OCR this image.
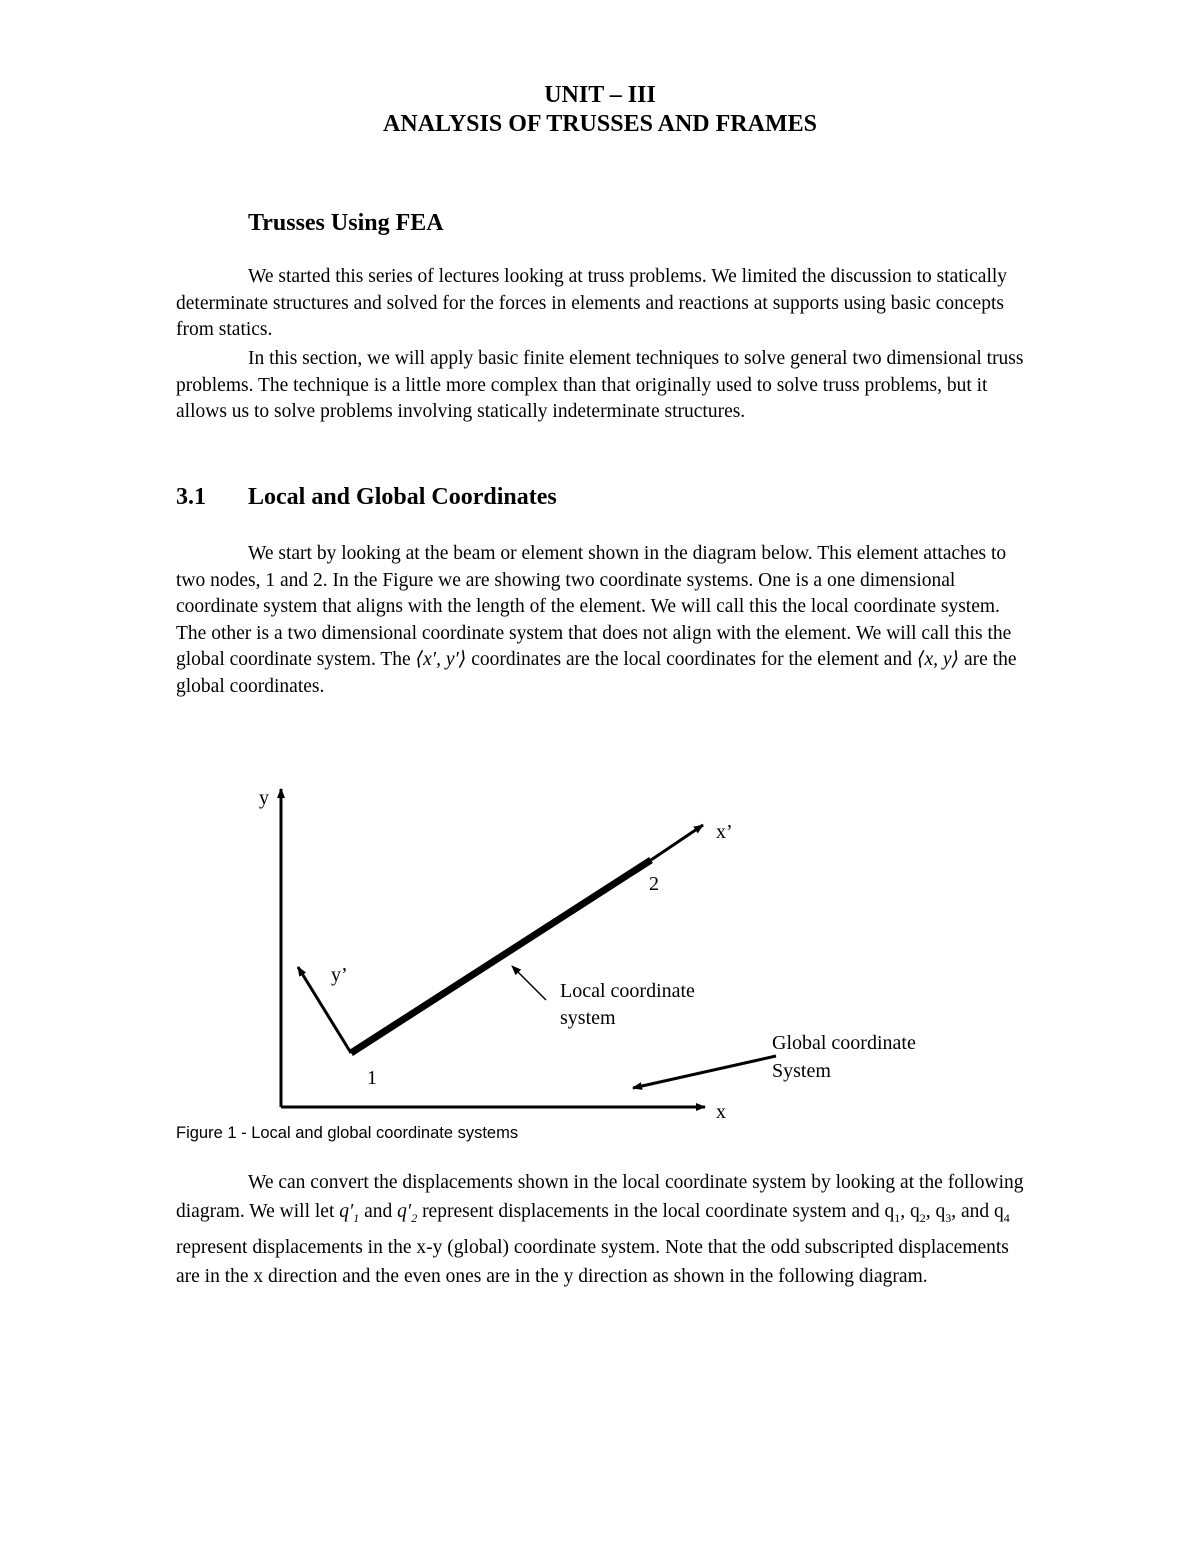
UNIT – III
ANALYSIS OF TRUSSES AND FRAMES
Trusses Using FEA

We started this series of lectures looking at truss problems. We limited the discussion to statically determinate structures and solved for the forces in elements and reactions at supports using basic concepts from statics.

In this section, we will apply basic finite element techniques to solve general two dimensional truss problems. The technique is a little more complex than that originally used to solve truss problems, but it allows us to solve problems involving statically indeterminate structures.

3.1 Local and Global Coordinates

We start by looking at the beam or element shown in the diagram below. This element attaches to two nodes, 1 and 2. In the Figure we are showing two coordinate systems. One is a one dimensional coordinate system that aligns with the length of the element. We will call this the local coordinate system. The other is a two dimensional coordinate system that does not align with the element. We will call this the global coordinate system. The ⟨x′, y′⟩ coordinates are the local coordinates for the element and ⟨x, y⟩ are the global coordinates.

y
x
x’
y’
1
2
Local coordinate
system
Global coordinate
System
Figure 1 - Local and global coordinate systems

We can convert the displacements shown in the local coordinate system by looking at the following diagram. We will let $q'_1$ and $q'_2$ represent displacements in the local coordinate system and $q_1$, $q_2$, $q_3$, and $q_4$ represent displacements in the x-y (global) coordinate system. Note that the odd subscripted displacements are in the x direction and the even ones are in the y direction as shown in the following diagram.
